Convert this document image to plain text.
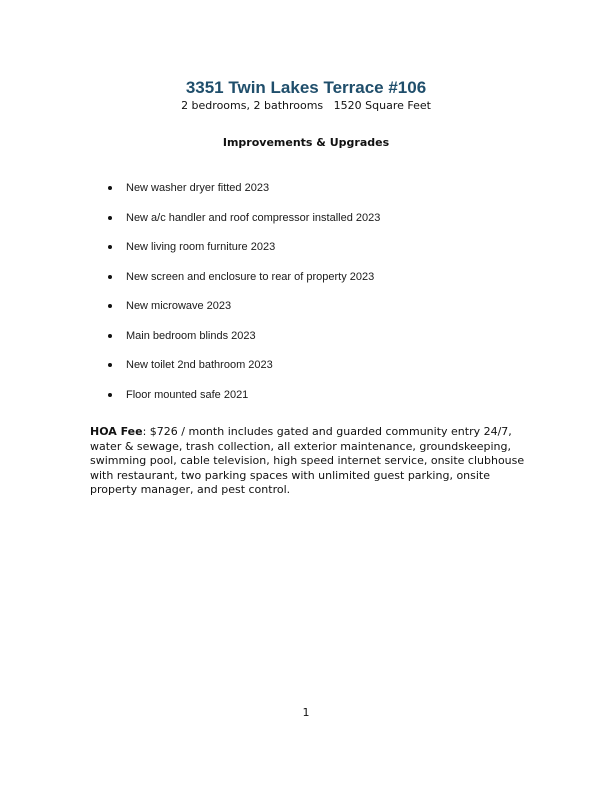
3351 Twin Lakes Terrace #106
2 bedrooms, 2 bathrooms   1520 Square Feet
Improvements & Upgrades
New washer dryer fitted 2023
New a/c handler and roof compressor installed 2023
New living room furniture 2023
New screen and enclosure to rear of property 2023
New microwave 2023
Main bedroom blinds 2023
New toilet 2nd bathroom 2023
Floor mounted safe 2021

HOA Fee: $726 / month includes gated and guarded community entry 24/7, water & sewage, trash collection, all exterior maintenance, groundskeeping, swimming pool, cable television, high speed internet service, onsite clubhouse with restaurant, two parking spaces with unlimited guest parking, onsite property manager, and pest control.

1
